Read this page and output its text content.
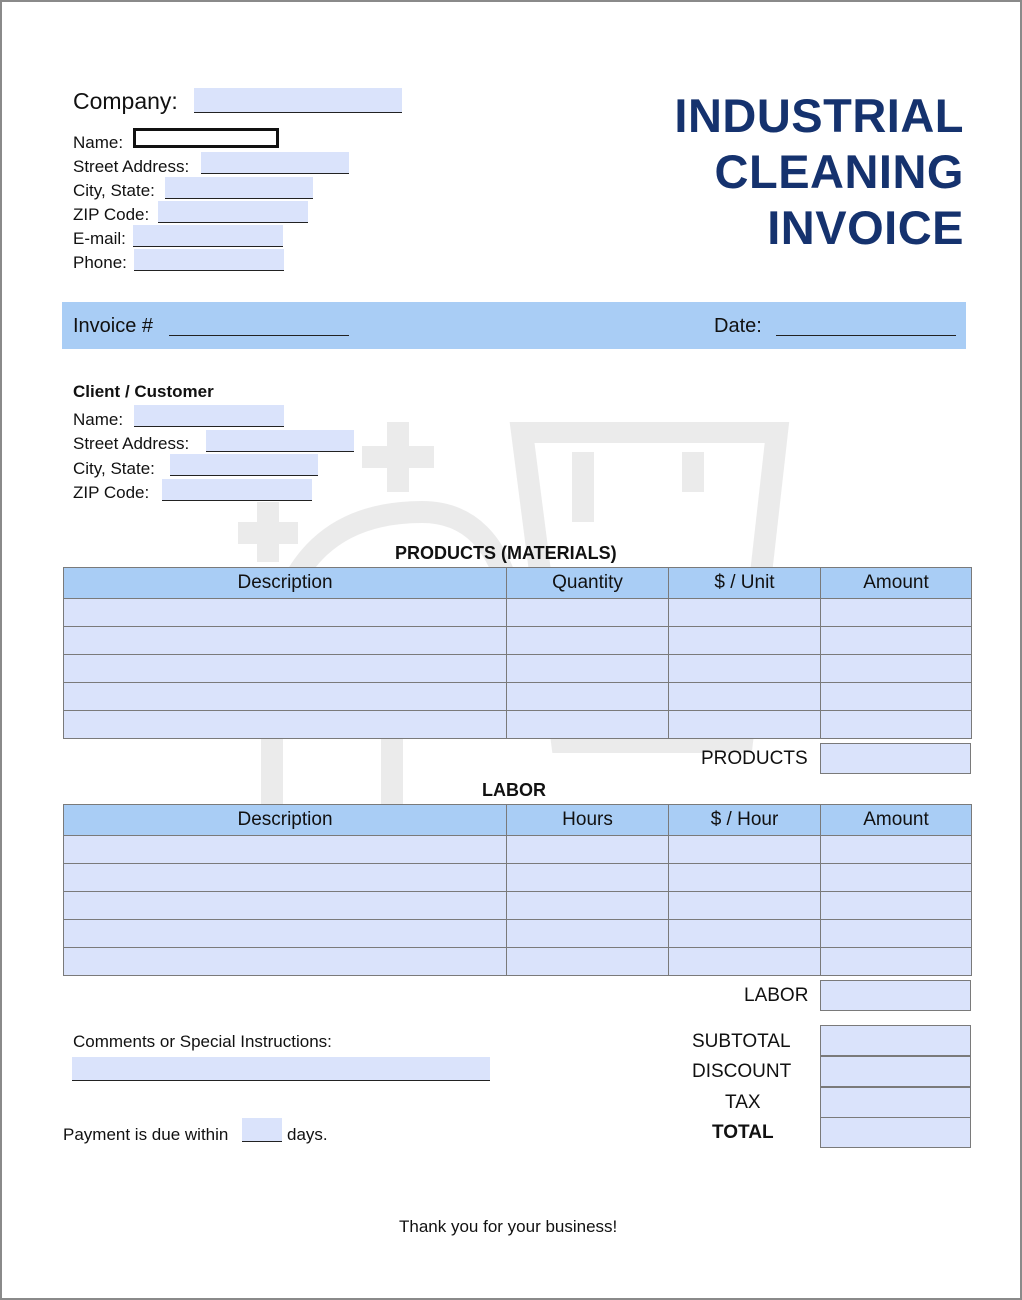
Company:
Name:
Street Address:
City, State:
ZIP Code:
E-mail:
Phone:
INDUSTRIAL
CLEANING
INVOICE
Invoice #	Date:
Client / Customer
Name:
Street Address:
City, State:
ZIP Code:
PRODUCTS (MATERIALS)
Description	Quantity	$ / Unit	Amount

PRODUCTS
LABOR
Description	Hours	$ / Hour	Amount

LABOR
Comments or Special Instructions:
Payment is due within	days.
SUBTOTAL
DISCOUNT
TAX
TOTAL
Thank you for your business!
